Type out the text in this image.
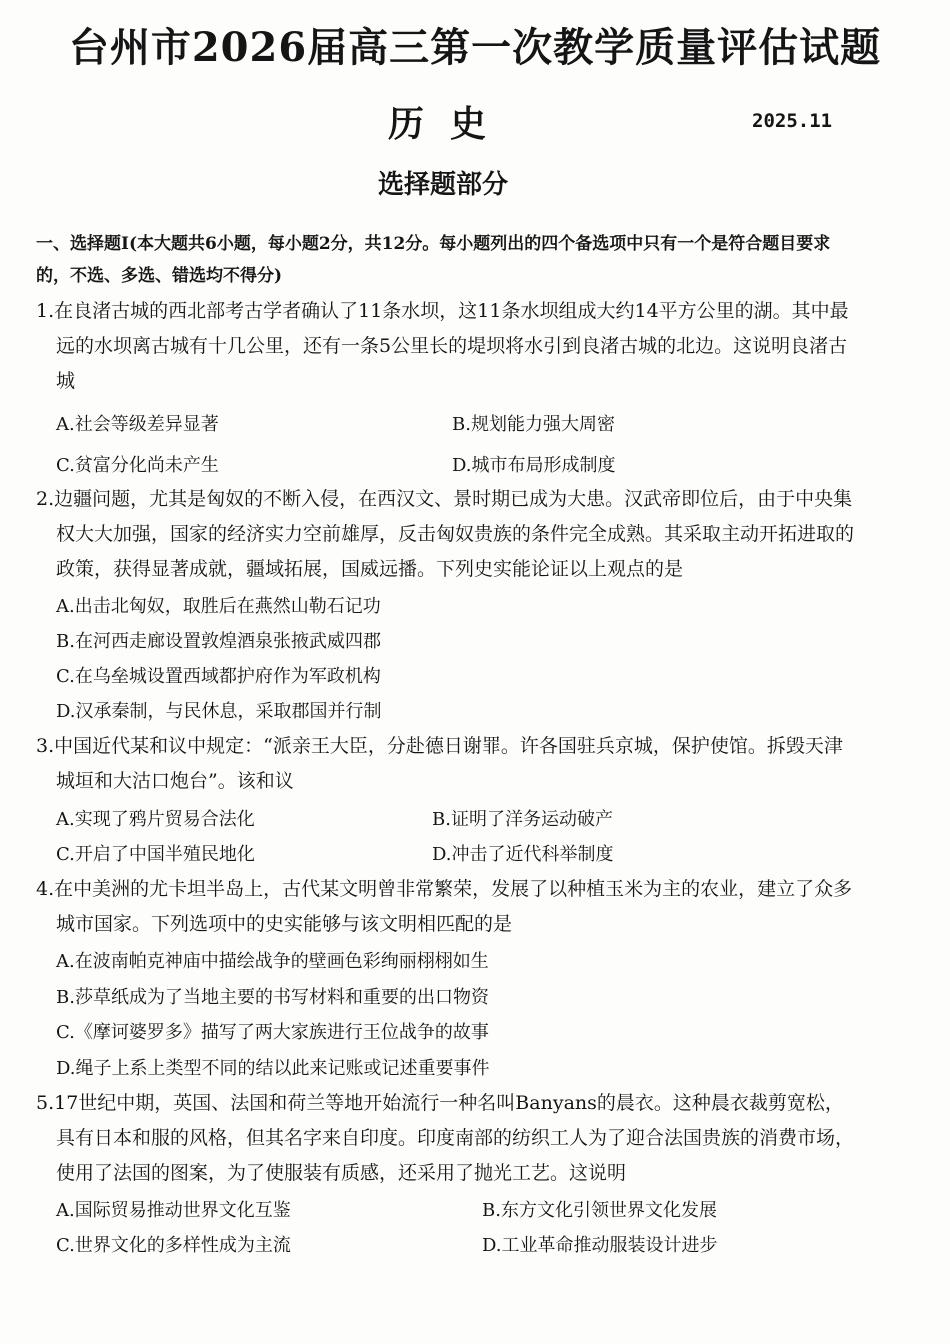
台州市2026届高三第一次教学质量评估试题
历史	2025.11
选择题部分
一、选择题Ⅰ(本大题共6小题，每小题2分，共12分。每小题列出的四个备选项中只有一个是符合题目要求的，不选、多选、错选均不得分)
1.在良渚古城的西北部考古学者确认了11条水坝，这11条水坝组成大约14平方公里的湖。其中最远的水坝离古城有十几公里，还有一条5公里长的堤坝将水引到良渚古城的北边。这说明良渚古城
A.社会等级差异显著	B.规划能力强大周密
C.贫富分化尚未产生	D.城市布局形成制度
2.边疆问题，尤其是匈奴的不断入侵，在西汉文、景时期已成为大患。汉武帝即位后，由于中央集权大大加强，国家的经济实力空前雄厚，反击匈奴贵族的条件完全成熟。其采取主动开拓进取的政策，获得显著成就，疆域拓展，国威远播。下列史实能论证以上观点的是
A.出击北匈奴，取胜后在燕然山勒石记功
B.在河西走廊设置敦煌酒泉张掖武威四郡
C.在乌垒城设置西域都护府作为军政机构
D.汉承秦制，与民休息，采取郡国并行制
3.中国近代某和议中规定：“派亲王大臣，分赴德日谢罪。许各国驻兵京城，保护使馆。拆毁天津城垣和大沽口炮台”。该和议
A.实现了鸦片贸易合法化	B.证明了洋务运动破产
C.开启了中国半殖民地化	D.冲击了近代科举制度
4.在中美洲的尤卡坦半岛上，古代某文明曾非常繁荣，发展了以种植玉米为主的农业，建立了众多城市国家。下列选项中的史实能够与该文明相匹配的是
A.在波南帕克神庙中描绘战争的壁画色彩绚丽栩栩如生
B.莎草纸成为了当地主要的书写材料和重要的出口物资
C.《摩诃婆罗多》描写了两大家族进行王位战争的故事
D.绳子上系上类型不同的结以此来记账或记述重要事件
5.17世纪中期，英国、法国和荷兰等地开始流行一种名叫Banyans的晨衣。这种晨衣裁剪宽松，具有日本和服的风格，但其名字来自印度。印度南部的纺织工人为了迎合法国贵族的消费市场，使用了法国的图案，为了使服装有质感，还采用了抛光工艺。这说明
A.国际贸易推动世界文化互鉴	B.东方文化引领世界文化发展
C.世界文化的多样性成为主流	D.工业革命推动服装设计进步
